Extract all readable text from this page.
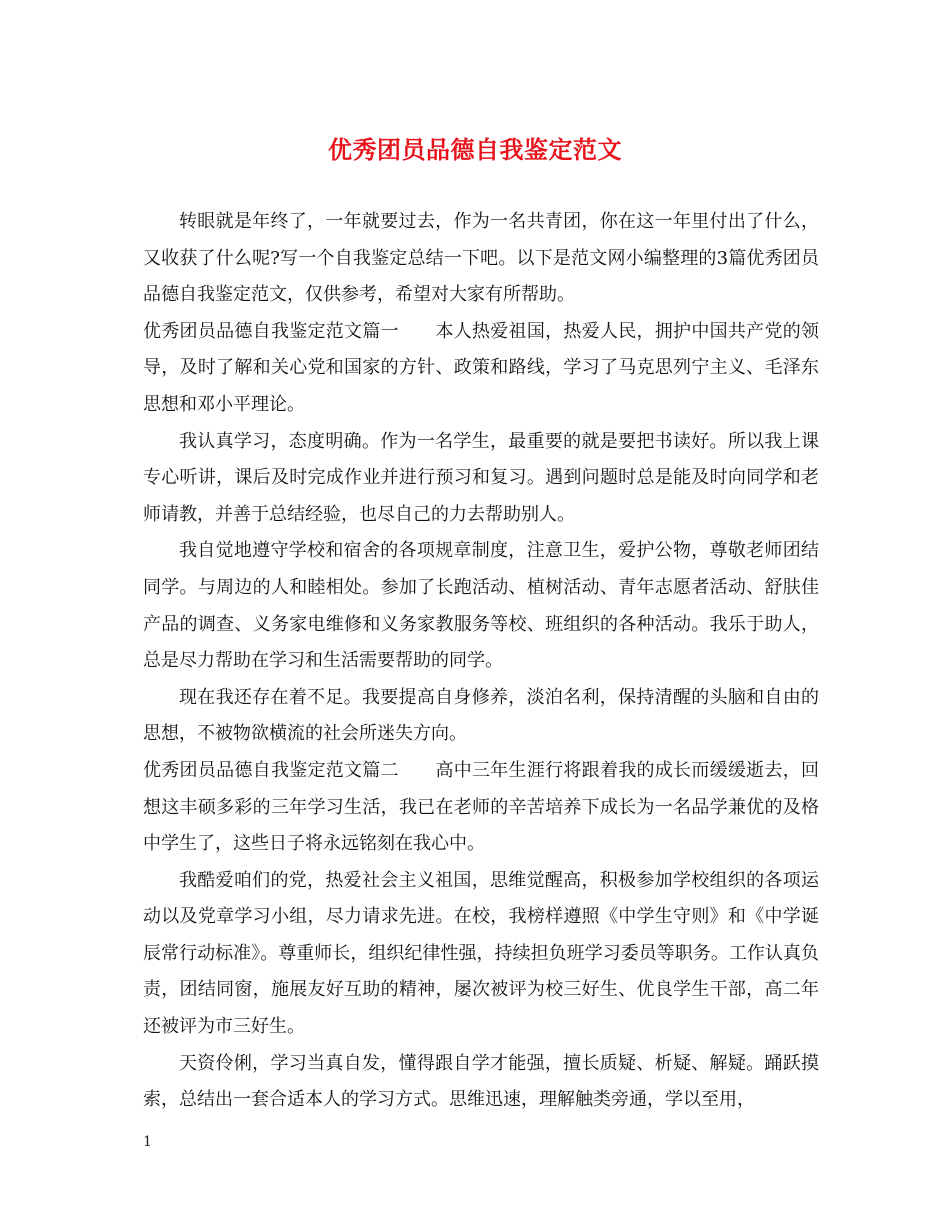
优秀团员品德自我鉴定范文

转眼就是年终了，一年就要过去，作为一名共青团，你在这一年里付出了什么，又收获了什么呢?写一个自我鉴定总结一下吧。以下是范文网小编整理的3篇优秀团员品德自我鉴定范文，仅供参考，希望对大家有所帮助。

优秀团员品德自我鉴定范文篇一　　本人热爱祖国，热爱人民，拥护中国共产党的领导，及时了解和关心党和国家的方针、政策和路线，学习了马克思列宁主义、毛泽东思想和邓小平理论。

我认真学习，态度明确。作为一名学生，最重要的就是要把书读好。所以我上课专心听讲，课后及时完成作业并进行预习和复习。遇到问题时总是能及时向同学和老师请教，并善于总结经验，也尽自己的力去帮助别人。

我自觉地遵守学校和宿舍的各项规章制度，注意卫生，爱护公物，尊敬老师团结同学。与周边的人和睦相处。参加了长跑活动、植树活动、青年志愿者活动、舒肤佳产品的调查、义务家电维修和义务家教服务等校、班组织的各种活动。我乐于助人，总是尽力帮助在学习和生活需要帮助的同学。

现在我还存在着不足。我要提高自身修养，淡泊名利，保持清醒的头脑和自由的思想，不被物欲横流的社会所迷失方向。

优秀团员品德自我鉴定范文篇二　　高中三年生涯行将跟着我的成长而缓缓逝去，回想这丰硕多彩的三年学习生活，我已在老师的辛苦培养下成长为一名品学兼优的及格中学生了，这些日子将永远铭刻在我心中。

我酷爱咱们的党，热爱社会主义祖国，思维觉醒高，积极参加学校组织的各项运动以及党章学习小组，尽力请求先进。在校，我榜样遵照《中学生守则》和《中学诞辰常行动标准》。尊重师长，组织纪律性强，持续担负班学习委员等职务。工作认真负责，团结同窗，施展友好互助的精神，屡次被评为校三好生、优良学生干部，高二年还被评为市三好生。

天资伶俐，学习当真自发，懂得跟自学才能强，擅长质疑、析疑、解疑。踊跃摸索，总结出一套合适本人的学习方式。思维迅速，理解触类旁通，学以至用，

1
